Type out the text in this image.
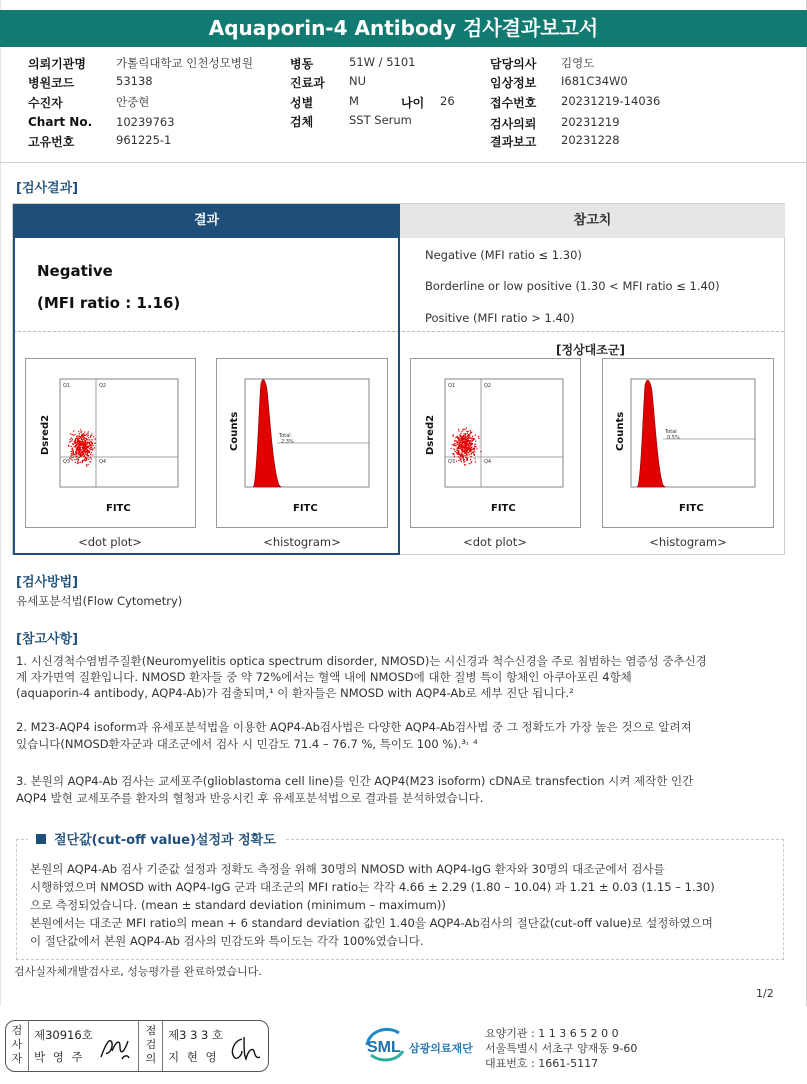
Aquaporin-4 Antibody 검사결과보고서
의뢰기관명	가톨릭대학교 인천성모병원
병원코드	53138
수진자	안중현
Chart No. 10239763
고유번호	961225-1
병동	51W / 5101
진료과 NU
성별	M	나이 26
검체	SST Serum
담당의사 김영도
임상정보 I681C34W0
접수번호 20231219-14036
검사의뢰 20231219
결과보고 20231228
[검사결과]
결과	참고치
Negative
(MFI ratio : 1.16)
Negative (MFI ratio ≤ 1.30)
Borderline or low positive (1.30 < MFI ratio ≤ 1.40)
Positive (MFI ratio > 1.40)
[정상대조군]
Q1	Q2
Q3	Q4
Dsred2
FITC
Total
2.3%
Counts
FITC
Q1	Q2
Q3	Q4
Dsred2
FITC
Total
0.5%
Counts
FITC
<dot plot>	<histogram>	<dot plot>	<histogram>
[검사방법]
유세포분석법(Flow Cytometry)
[참고사항]
1. 시신경척수염범주질환(Neuromyelitis optica spectrum disorder, NMOSD)는 시신경과 척수신경을 주로 침범하는 염증성 중추신경
계 자가면역 질환입니다. NMOSD 환자들 중 약 72%에서는 혈액 내에 NMOSD에 대한 질병 특이 항체인 아쿠아포린 4항체
(aquaporin-4 antibody, AQP4-Ab)가 검출되며,¹ 이 환자들은 NMOSD with AQP4-Ab로 세부 진단 됩니다.²
2. M23-AQP4 isoform과 유세포분석법을 이용한 AQP4-Ab검사법은 다양한 AQP4-Ab검사법 중 그 정확도가 가장 높은 것으로 알려져
있습니다(NMOSD환자군과 대조군에서 검사 시 민감도 71.4 – 76.7 %, 특이도 100 %).³˒ ⁴
3. 본원의 AQP4-Ab 검사는 교세포주(glioblastoma cell line)를 인간 AQP4(M23 isoform) cDNA로 transfection 시켜 제작한 인간
AQP4 발현 교세포주를 환자의 혈청과 반응시킨 후 유세포분석법으로 결과를 분석하였습니다.
절단값(cut-off value)설정과 정확도
본원의 AQP4-Ab 검사 기준값 설정과 정확도 측정을 위해 30명의 NMOSD with AQP4-IgG 환자와 30명의 대조군에서 검사를
시행하였으며 NMOSD with AQP4-IgG 군과 대조군의 MFI ratio는 각각 4.66 ± 2.29 (1.80 – 10.04) 과 1.21 ± 0.03 (1.15 – 1.30)
으로 측정되었습니다. (mean ± standard deviation (minimum – maximum))
본원에서는 대조군 MFI ratio의 mean + 6 standard deviation 값인 1.40을 AQP4-Ab검사의 절단값(cut-off value)로 설정하였으며
이 절단값에서 본원 AQP4-Ab 검사의 민감도와 특이도는 각각 100%였습니다.
검사실자체개발검사로, 성능평가를 완료하였습니다.
1/2
검사자
제30916호
박 영 주
점검의
제3 3 3 호
지 현 영
SML 삼광의료재단
요양기관 : 1 1 3 6 5 2 0 0
서울특별시 서초구 양재동 9-60
대표번호 : 1661-5117
